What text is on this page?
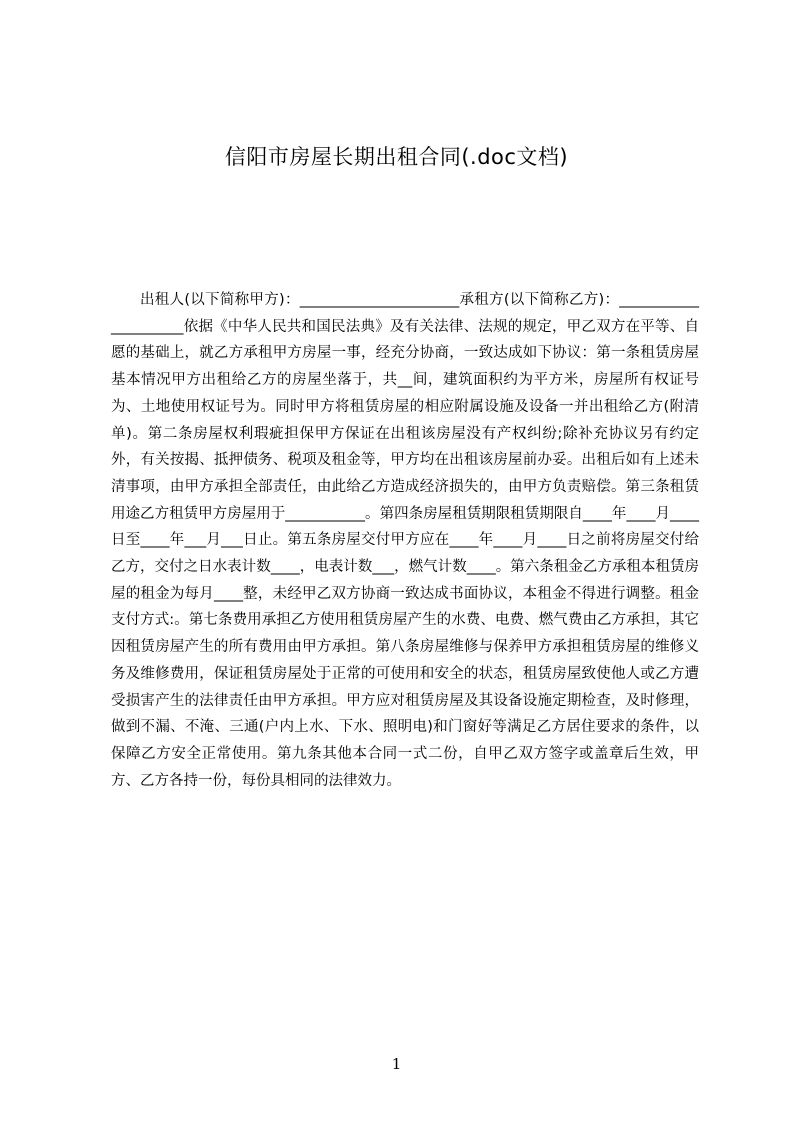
信阳市房屋长期出租合同(.doc文档)

出租人(以下简称甲方)：______________________承租方(以下简称乙方)：_____________________依据《中华人民共和国民法典》及有关法律、法规的规定，甲乙双方在平等、自愿的基础上，就乙方承租甲方房屋一事，经充分协商，一致达成如下协议：第一条租赁房屋基本情况甲方出租给乙方的房屋坐落于，共__间，建筑面积约为平方米，房屋所有权证号为、土地使用权证号为。同时甲方将租赁房屋的相应附属设施及设备一并出租给乙方(附清单)。第二条房屋权利瑕疵担保甲方保证在出租该房屋没有产权纠纷;除补充协议另有约定外，有关按揭、抵押债务、税项及租金等，甲方均在出租该房屋前办妥。出租后如有上述未清事项，由甲方承担全部责任，由此给乙方造成经济损失的，由甲方负责赔偿。第三条租赁用途乙方租赁甲方房屋用于___________。第四条房屋租赁期限租赁期限自____年____月____日至____年___月___日止。第五条房屋交付甲方应在____年____月____日之前将房屋交付给乙方，交付之日水表计数____，电表计数___，燃气计数____。第六条租金乙方承租本租赁房屋的租金为每月____整，未经甲乙双方协商一致达成书面协议，本租金不得进行调整。租金支付方式:。第七条费用承担乙方使用租赁房屋产生的水费、电费、燃气费由乙方承担，其它因租赁房屋产生的所有费用由甲方承担。第八条房屋维修与保养甲方承担租赁房屋的维修义务及维修费用，保证租赁房屋处于正常的可使用和安全的状态，租赁房屋致使他人或乙方遭受损害产生的法律责任由甲方承担。甲方应对租赁房屋及其设备设施定期检查，及时修理，做到不漏、不淹、三通(户内上水、下水、照明电)和门窗好等满足乙方居住要求的条件，以保障乙方安全正常使用。第九条其他本合同一式二份，自甲乙双方签字或盖章后生效，甲方、乙方各持一份，每份具相同的法律效力。

1
